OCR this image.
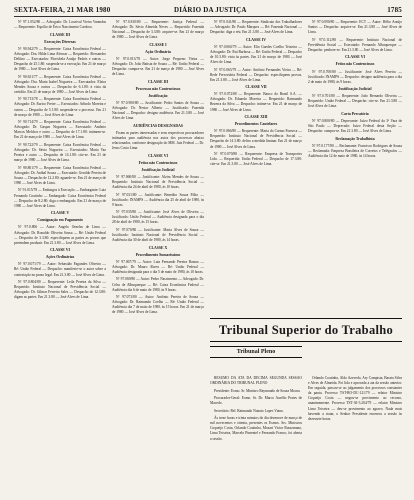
SEXTA-FEIRA, 21 MAR 1980	DIÁRIO DA JUSTIÇA	1785

Nº 97.1.052/80 — Advogado: Dr. Lourival Vieira Varandas — Requerente: Espólio de Érico Nascimento Cardoso.

CLASSE III

Execuções Diversas

Nº 90.942/79 — Requerente: Caixa Econômica Federal — Advogado: Dra. Hilda Lima Alencar — Requerido: Alessandro Delfino — Executados: Florisbela Araújo Padrós e outros — Despacho de 25.1.80: suspenda-se a execução. Em 21 de março de 1980 — José Alves de Lima.

Nº 90.631/77 — Requerente: Caixa Econômica Federal — Advogado: Dra. Maria Izabel Nogueira — Executados: Elzira Mendes Sousa e outros — Despacho de 6.1.80: à vista da certidão. Em 21 de março de 1980 — José Alves de Lima.

Nº 90.713/78 — Requerente: Caixa Econômica Federal — Advogado: Dr. Eurico Freire — Executados: Arlindo Moreira e outros — Despacho de 5.1.80: suspenda-se o processo. Em 21 de março de 1980 — José Alves de Lima.

Nº 90.714/79 — Requerente: Caixa Econômica Federal — Advogado: Dr. Gaspar Nogueira — Executado: Antônio Marcos Melchor e outro — Despacho de 17.1.80: intimem-se. Em 21 de março de 1980 — José Alves de Lima.

Nº 90.722/79 — Requerente: Caixa Econômica Federal — Advogado: Dr. Sávio Nogueira — Executados: Maria Vaz Pereira e outro — Despacho de 14.1.80: cite-se. Em 21 de março de 1980 — José Alves de Lima.

Nº 90.801/79 — Requerente: Caixa Econômica Federal — Advogado: Dr. Aníbal Souza — Executado: Geraldo Pereira de Souza — Despacho de 12.2.80: aguarde-se. Em 21 de março de 1980 — José Alves de Lima.

Nº 91.015/78 — Embargos à Execução — Embargante: Luiz Fernando Coutinho — Embargado: Caixa Econômica Federal — Despacho de 8.2.80: diga o embargado. Em 21 de março de 1980 — José Alves de Lima.

CLASSE V

Consignação em Pagamento

Nº 97.0.806 — Autor: Angelo Ornelas de Lima — Advogado: Dr. Ronaldo Oliveira Sousa — Ré: União Federal — Despacho de 3.3.80: especifiquem as partes as provas que pretendem produzir. Em 21.3.80 — José Alves de Lima.

CLASSE VI

Ações Ordinárias

Nº 97.0.071/79 — Autor: Sebastião Fagundes Oliveira — Ré: União Federal — Despacho: manifeste-se o autor sobre a contestação no prazo legal. Em 21.3.80 — José Alves de Lima.

Nº 97.0.804/80 — Requerente: Leila Pereira da Silva — Requerido: Instituto Nacional de Previdência Social — Advogado: Dr. Gilmar Ferreira Sales — Despacho de 12.3.80: digam as partes. Em 21.3.80 — José Alves de Lima.

Nº 97.0.810/80 — Requerente: Justiça Federal — Advogado: Dr. Sávio Almeida Neves — Requerido: Fazenda Nacional — Despacho de 3.3.80: arquive-se. Em 21 de março de 1980 — José Alves de Lima.

CLASSE I

Ação Ordinária

Nº 97.0.013/78 — Autor: Jorge Pequeno Vieira — Advogado: Dr. João Batista de Souza — Ré: União Federal — Despacho: cumpra-se. Em 21 de março de 1980 — José Alves de Lima.

CLASSE III

Processos não Contenciosos

Justificação

Nº 97.0.900/80 — Justificante: Pedro Santos de Souza — Advogado: Dr. Nestor Alberto — Justificado: Fazenda Nacional — Despacho: designo audiência. Em 21.3.80 — José Alves de Lima.

AUDIÊNCIAS DESIGNADAS

Ficam as partes interessadas e seus respectivos procuradores intimados para audiência nos autos dos processos abaixo relacionados, conforme designação do MM. Juiz Federal — Dr. Jesus Costa Lima.

CLASSE VI

Feitos não Contenciosos

Justificação Judicial

Nº 97.060/80 — Justificante: Alzira Mendes de Sousa — Requerido: Instituto Nacional de Previdência Social — Audiência dia 24 de abril de 1980, às 10 horas.

Nº 97.031/80 — Justificante: Benedito Souza Filho — Justificado: INAMPS — Audiência dia 25 de abril de 1980, às 9 horas.

Nº 97.035/80 — Justificante: José Alves de Oliveira — Justificado: União Federal — Audiência designada para o dia 28 de abril de 1980, às 15 horas.

Nº 97.070/80 — Justificante: Maria Alves de Souza — Justificado: Instituto Nacional de Previdência Social — Audiência dia 30 de abril de 1980, às 14 horas.

CLASSE X

Procedimento Sumaríssimo

Nº 97.067/79 — Autor: Luiz Fernando Pereira Ramos — Advogado: Dr. Mauro Abreu — Ré: União Federal — Audiência designada para o dia 5 de maio de 1980, às 10 horas.

Nº 97.069/80 — Autor: Pedro Nascimento — Advogado: Dr. Celso de Albuquerque — Ré: Caixa Econômica Federal — Audiência dia 6 de maio de 1980, às 9 horas.

Nº 97.073/80 — Autor: Antônio Pereira de Souza — Advogado: Dr. Raimundo Coelho — Ré: União Federal — Audiência dia 7 de maio de 1980, às 15 horas. Em 21 de março de 1980 — José Alves de Lima.

Nº 97.0.041/80 — Requerente: Sindicato dos Trabalhadores — Advogado: Dr. Paulo Marques — Ré: Fazenda Nacional — Despacho: diga o réu. Em 21.3.80 — José Alves de Lima.

CLASSE IV

Nº 97.0.060/79 — Autor: Elio Guedes Coelho Teixeira — Advogado: Dr. Rui Barbosa — Ré: União Federal — Despacho de 10.3.80: vista às partes. Em 21 de março de 1980 — José Alves de Lima.

Nº 97.0.065/79 — Autor: Antônio Fernandes Vieira — Ré: Rede Ferroviária Federal — Despacho: especifiquem provas. Em 21.3.80 — José Alves de Lima.

CLASSE VII

Nº 97.0.072/80 — Requerente: Banco do Brasil S.A. — Advogado: Dr. Eduardo Moreira — Requerido: Raimundo Bezerra da Silva — Despacho: intime-se. Em 21 de março de 1980 — José Alves de Lima.

CLASSE XIII

Procedimentos Cautelares

Nº 97.0.066/80 — Requerente: Maria do Carmo Fonseca — Requerido: Instituto Nacional de Previdência Social — Despacho de 14.3.80: defiro a medida liminar. Em 21 de março de 1980 — José Alves de Lima.

Nº 97.0.070/80 — Requerente: Empresa de Transportes Ltda. — Requerida: União Federal — Despacho de 17.3.80: cite-se. Em 21.3.80 — José Alves de Lima.

Nº 97.0.090/80 — Requerente: ECT — Autor: Hélio Araújo Santos — Despacho: arquive-se. Em 21.3.80 — José Alves de Lima.

Nº 97.0.112/80 — Requerente: Instituto Nacional de Previdência Social — Executado: Fernando Albuquerque — Despacho: penhore-se. Em 21.3.80 — José Alves de Lima.

CLASSE VI

Feitos não Contenciosos

Nº 97.0.700/80 — Justificante: José Alves Pereira — Justificado: INAMPS — Despacho: designo audiência para o dia 2 de maio de 1980, às 9 horas.

Justificação Judicial

Nº 97.0.701/80 — Requerente: João Bernardo Oliveira — Requerido: União Federal — Despacho: cite-se. Em 21.3.80 — José Alves de Lima.

Carta Precatória

Nº 97.0.800/80 — Deprecante: Juízo Federal da 3ª Vara de São Paulo — Deprecado: Juízo Federal desta Seção — Despacho: cumpra-se. Em 21.3.80 — José Alves de Lima.

Reclamação Trabalhista

Nº 97.0.177/80 — Reclamante: Francisco Rodrigues de Souza — Reclamada: Empresa Brasileira de Correios e Telégrafos — Audiência dia 12 de maio de 1980, às 14 horas.

Tribunal Superior do Trabalho
Tribunal Pleno

RESUMO DA ATA DA DÉCIMA SEGUNDA SESSÃO ORDINÁRIA DO TRIBUNAL PLENO

Presidente: Exmo. Sr. Ministro Raymundo de Souza Moura.

Procurador-Geral: Exmo. Sr. Dr. Marco Aurélio Prates de Macedo.

Secretário: Bel. Raimundo Nonato Lopes Viana.

Às treze horas e trinta minutos do dia dezenove de março de mil novecentos e oitenta, presentes os Exmos. Srs. Ministros Coqueijo Costa, Orlando Coutinho, Mozart Victor Russomano, Lima Teixeira, Marcelo Pimentel e Fernando Franco, foi aberta a sessão.

Orlando Coutinho, Aldo Azevedo, Ary Campista, Barata Silva e Alves de Almeida. Foi lida e aprovada a ata da sessão anterior. Em seguida, passou-se ao julgamento dos processos constantes da pauta. Processo TST-RO-DC-121/79 — relator Ministro Coqueijo Costa — negou-se provimento ao recurso, unanimemente. Processo TST-AI-3.204/79 — relator Ministro Lima Teixeira — deu-se provimento ao agravo. Nada mais havendo a tratar, o Senhor Presidente encerrou a sessão às dezessete horas.
